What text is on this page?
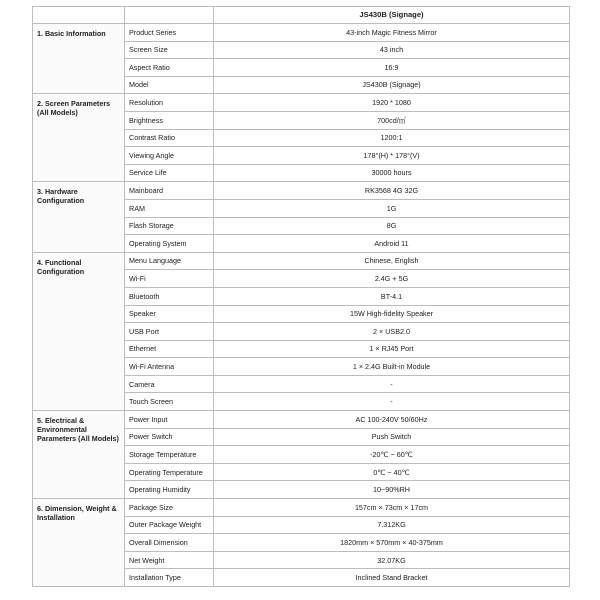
		JS430B (Signage)
1. Basic Information	Product Series	43-inch Magic Fitness Mirror
	Screen Size	43 inch
	Aspect Ratio	16:9
	Model	JS430B (Signage)
2. Screen Parameters (All Models)	Resolution	1920 * 1080
	Brightness	700cd/㎡
	Contrast Ratio	1200:1
	Viewing Angle	178°(H) * 178°(V)
	Service Life	30000 hours
3. Hardware Configuration	Mainboard	RK3568 4G 32G
	RAM	1G
	Flash Storage	8G
	Operating System	Android 11
4. Functional Configuration	Menu Language	Chinese, English
	Wi-Fi	2.4G + 5G
	Bluetooth	BT-4.1
	Speaker	15W High-fidelity Speaker
	USB Port	2 × USB2.0
	Ethernet	1 × RJ45 Port
	Wi-Fi Antenna	1 × 2.4G Built-in Module
	Camera	-
	Touch Screen	-
5. Electrical & Environmental Parameters (All Models)	Power Input	AC 100-240V 50/60Hz
	Power Switch	Push Switch
	Storage Temperature	-20℃ ~ 60℃
	Operating Temperature	0℃ ~ 40℃
	Operating Humidity	10~90%RH
6. Dimension, Weight & Installation	Package Size	157cm × 73cm × 17cm
	Outer Package Weight	7.312KG
	Overall Dimension	1820mm × 570mm × 40-375mm
	Net Weight	32.07KG
	Installation Type	Inclined Stand Bracket
